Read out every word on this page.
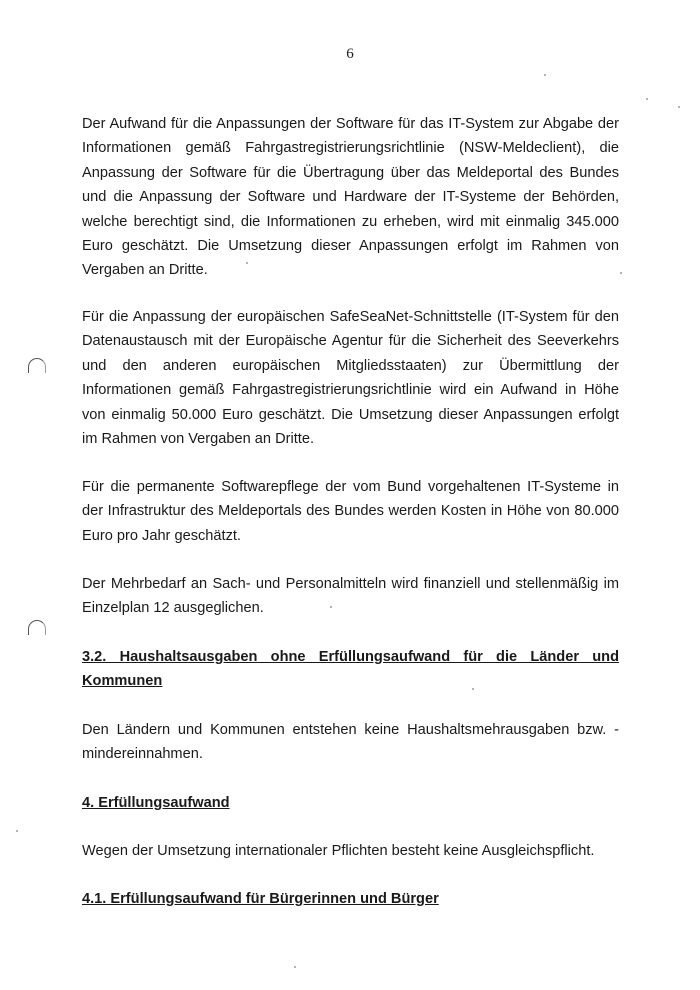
6

Der Aufwand für die Anpassungen der Software für das IT-System zur Abgabe der Informationen gemäß Fahrgastregistrierungsrichtlinie (NSW-Meldeclient), die Anpassung der Software für die Übertragung über das Meldeportal des Bundes und die Anpassung der Software und Hardware der IT-Systeme der Behörden, welche berechtigt sind, die Informationen zu erheben, wird mit einmalig 345.000 Euro geschätzt. Die Umsetzung dieser Anpassungen erfolgt im Rahmen von Vergaben an Dritte.

Für die Anpassung der europäischen SafeSeaNet-Schnittstelle (IT-System für den Datenaustausch mit der Europäische Agentur für die Sicherheit des Seeverkehrs und den anderen europäischen Mitgliedsstaaten) zur Übermittlung der Informationen gemäß Fahrgastregistrierungsrichtlinie wird ein Aufwand in Höhe von einmalig 50.000 Euro geschätzt. Die Umsetzung dieser Anpassungen erfolgt im Rahmen von Vergaben an Dritte.

Für die permanente Softwarepflege der vom Bund vorgehaltenen IT-Systeme in der Infrastruktur des Meldeportals des Bundes werden Kosten in Höhe von 80.000 Euro pro Jahr geschätzt.

Der Mehrbedarf an Sach- und Personalmitteln wird finanziell und stellenmäßig im Einzelplan 12 ausgeglichen.

3.2. Haushaltsausgaben ohne Erfüllungsaufwand für die Länder und Kommunen

Den Ländern und Kommunen entstehen keine Haushaltsmehrausgaben bzw. -mindereinnahmen.

4. Erfüllungsaufwand

Wegen der Umsetzung internationaler Pflichten besteht keine Ausgleichspflicht.

4.1. Erfüllungsaufwand für Bürgerinnen und Bürger
